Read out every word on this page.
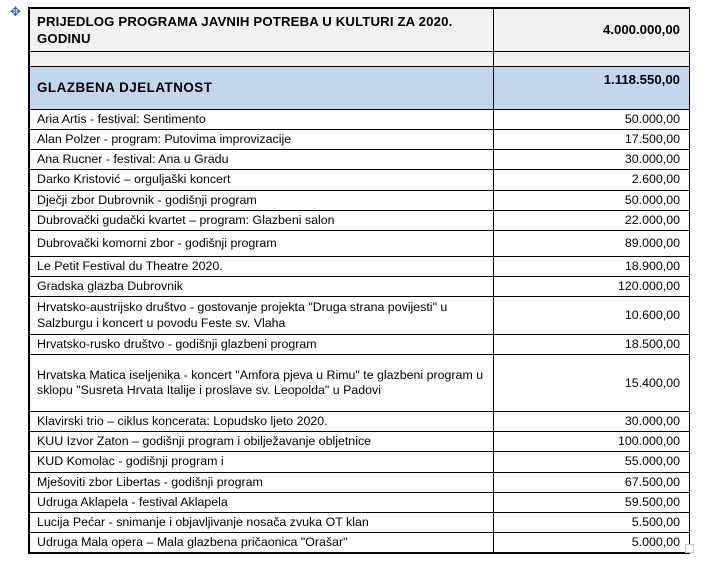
✥
PRIJEDLOG PROGRAMA JAVNIH POTREBA U KULTURI ZA 2020. GODINU	4.000.000,00

GLAZBENA DJELATNOST	1.118.550,00

Aria Artis - festival: Sentimento	50.000,00

Alan Polzer - program: Putovima improvizacije	17.500,00

Ana Rucner - festival: Ana u Gradu	30.000,00

Darko Kristović – orguljaški koncert	2.600,00

Dječji zbor Dubrovnik - godišnji program	50.000,00

Dubrovački gudački kvartet – program: Glazbeni salon	22.000,00

Dubrovački komorni zbor - godišnji program	89.000,00

Le Petit Festival du Theatre 2020.	18.900,00

Gradska glazba Dubrovnik	120.000,00

Hrvatsko-austrijsko društvo - gostovanje projekta "Druga strana povijesti" u Salzburgu i koncert u povodu Feste sv. Vlaha	10.600,00

Hrvatsko-rusko društvo - godišnji glazbeni program	18.500,00

Hrvatska Matica iseljenika - koncert "Amfora pjeva u Rimu" te glazbeni program u sklopu "Susreta Hrvata Italije i proslave sv. Leopolda" u Padovi	15.400,00

Klavirski trio – ciklus koncerata: Lopudsko ljeto 2020.	30.000,00

KUU Izvor Zaton – godišnji program i obilježavanje obljetnice	100.000,00

KUD Komolac - godišnji program i	55.000,00

Mješoviti zbor Libertas - godišnji program	67.500,00

Udruga Aklapela - festival Aklapela	59.500,00

Lucija Pećar - snimanje i objavljivanje nosača zvuka OT klan	5.500,00

Udruga Mala opera – Mala glazbena pričaonica "Orašar"	5.000,00
